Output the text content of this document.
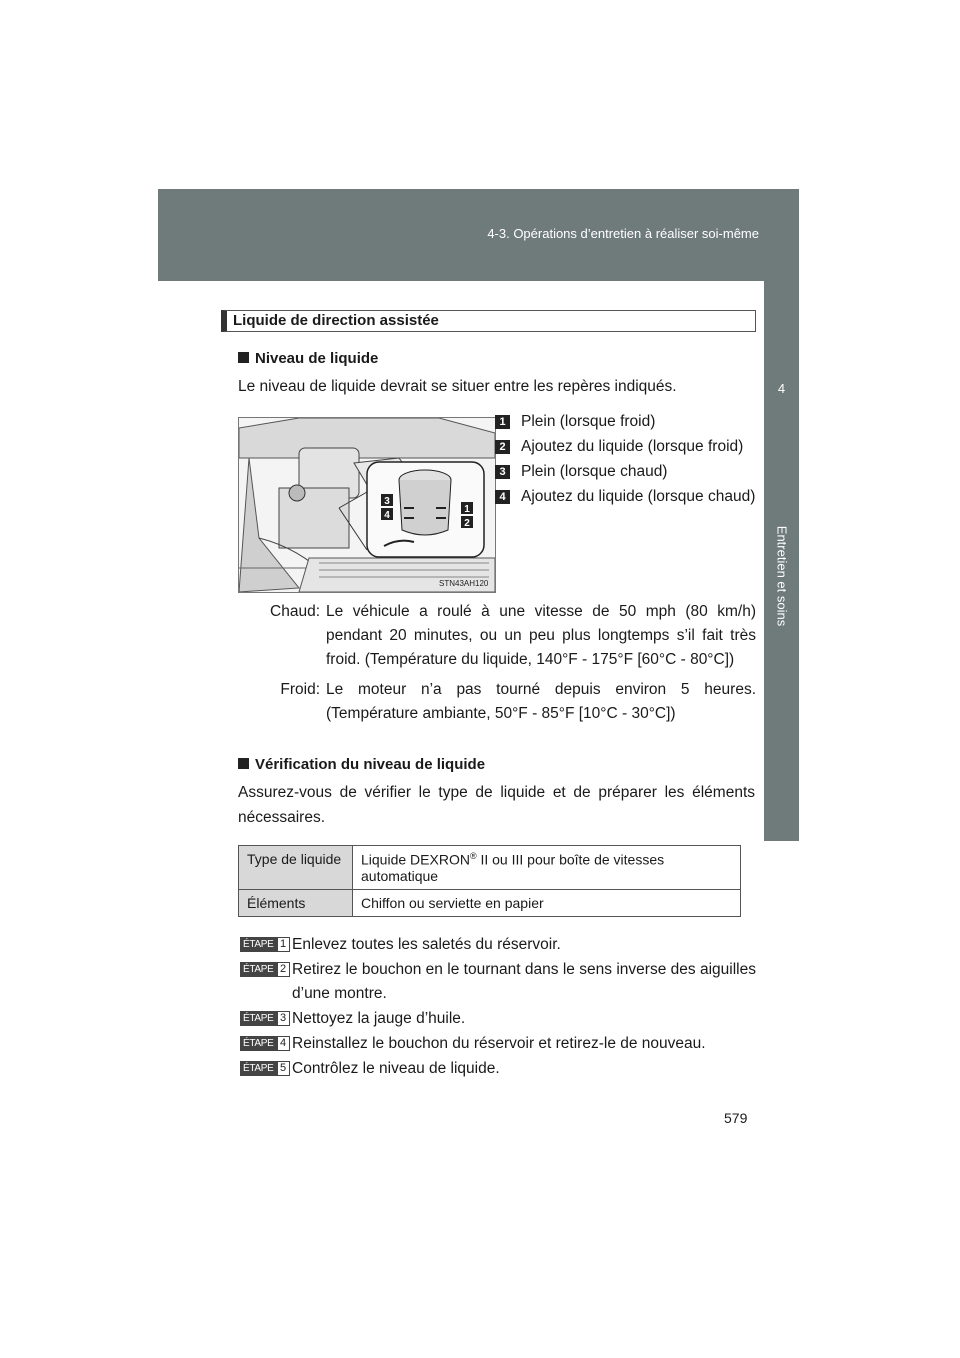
4-3. Opérations d’entretien à réaliser soi-même
4
Entretien et soins
Liquide de direction assistée
Niveau de liquide
Le niveau de liquide devrait se situer entre les repères indiqués.
3
4
1
2
STN43AH120
1 Plein (lorsque froid)
2 Ajoutez du liquide (lorsque froid)
3 Plein (lorsque chaud)
4 Ajoutez du liquide (lorsque chaud)
Chaud: Le véhicule a roulé à une vitesse de 50 mph (80 km/h) pendant 20 minutes, ou un peu plus longtemps s’il fait très froid. (Température du liquide, 140°F - 175°F [60°C - 80°C])
Froid: Le moteur n’a pas tourné depuis environ 5 heures. (Température ambiante, 50°F - 85°F [10°C - 30°C])
Vérification du niveau de liquide
Assurez-vous de vérifier le type de liquide et de préparer les éléments nécessaires.
Type de liquide	Liquide DEXRON® II ou III pour boîte de vitesses automatique
Éléments	Chiffon ou serviette en papier
ÉTAPE 1 Enlevez toutes les saletés du réservoir.
ÉTAPE 2 Retirez le bouchon en le tournant dans le sens inverse des aiguilles d’une montre.
ÉTAPE 3 Nettoyez la jauge d’huile.
ÉTAPE 4 Reinstallez le bouchon du réservoir et retirez-le de nouveau.
ÉTAPE 5 Contrôlez le niveau de liquide.
579
